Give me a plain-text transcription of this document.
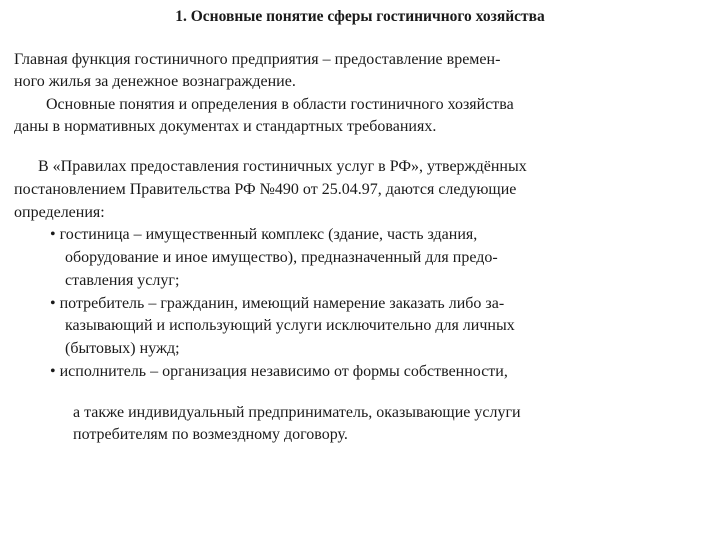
1. Основные понятие сферы гостиничного хозяйства
Главная функция гостиничного предприятия – предоставление времен-
ного жилья за денежное вознаграждение.
Основные понятия и определения в области гостиничного хозяйства
даны в нормативных документах и стандартных требованиях.
В «Правилах предоставления гостиничных услуг в РФ», утверждённых
постановлением Правительства РФ №490 от 25.04.97, даются следующие
определения:
• гостиница – имущественный комплекс (здание, часть здания,
оборудование и иное имущество), предназначенный для предо-
ставления услуг;
• потребитель – гражданин, имеющий намерение заказать либо за-
казывающий и использующий услуги исключительно для личных
(бытовых) нужд;
• исполнитель – организация независимо от формы собственности,
а также индивидуальный предприниматель, оказывающие услуги
потребителям по возмездному договору.
